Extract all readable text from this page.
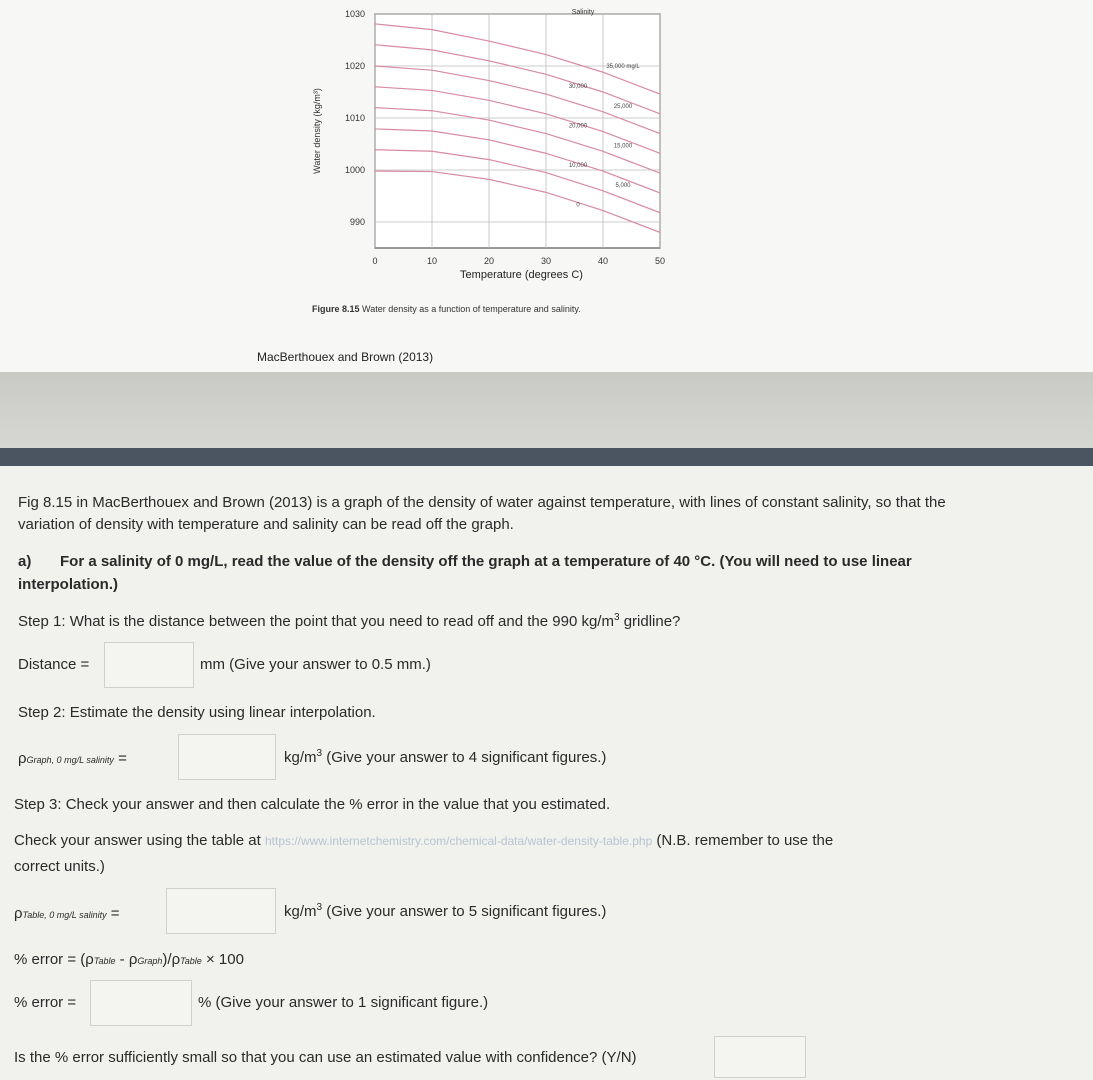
0	10	20	30	40	50
990
1000
1010
1020
1030
Temperature (degrees C)
Water density (kg/m³)
0
5,000
10,000
15,000
20,000
25,000
30,000
35,000 mg/L
Salinity
Figure 8.15 Water density as a function of temperature and salinity.
MacBerthouex and Brown (2013)
Fig 8.15 in MacBerthouex and Brown (2013) is a graph of the density of water against temperature, with lines of constant salinity, so that the
variation of density with temperature and salinity can be read off the graph.
a) For a salinity of 0 mg/L, read the value of the density off the graph at a temperature of 40 °C. (You will need to use linear
interpolation.)
Step 1: What is the distance between the point that you need to read off and the 990 $kg/m^3$ gridline?
Distance =	mm (Give your answer to 0.5 mm.)
Step 2: Estimate the density using linear interpolation.
ρGraph, 0 mg/L salinity =	$kg/m^3$ (Give your answer to 4 significant figures.)
Step 3: Check your answer and then calculate the % error in the value that you estimated.
Check your answer using the table at https://www.internetchemistry.com/chemical-data/water-density-table.php (N.B. remember to use the
correct units.)
ρTable, 0 mg/L salinity =	$kg/m^3$ (Give your answer to 5 significant figures.)
% error = (ρTable - ρGraph)/ρTable × 100
% error =	% (Give your answer to 1 significant figure.)
Is the % error sufficiently small so that you can use an estimated value with confidence? (Y/N)
